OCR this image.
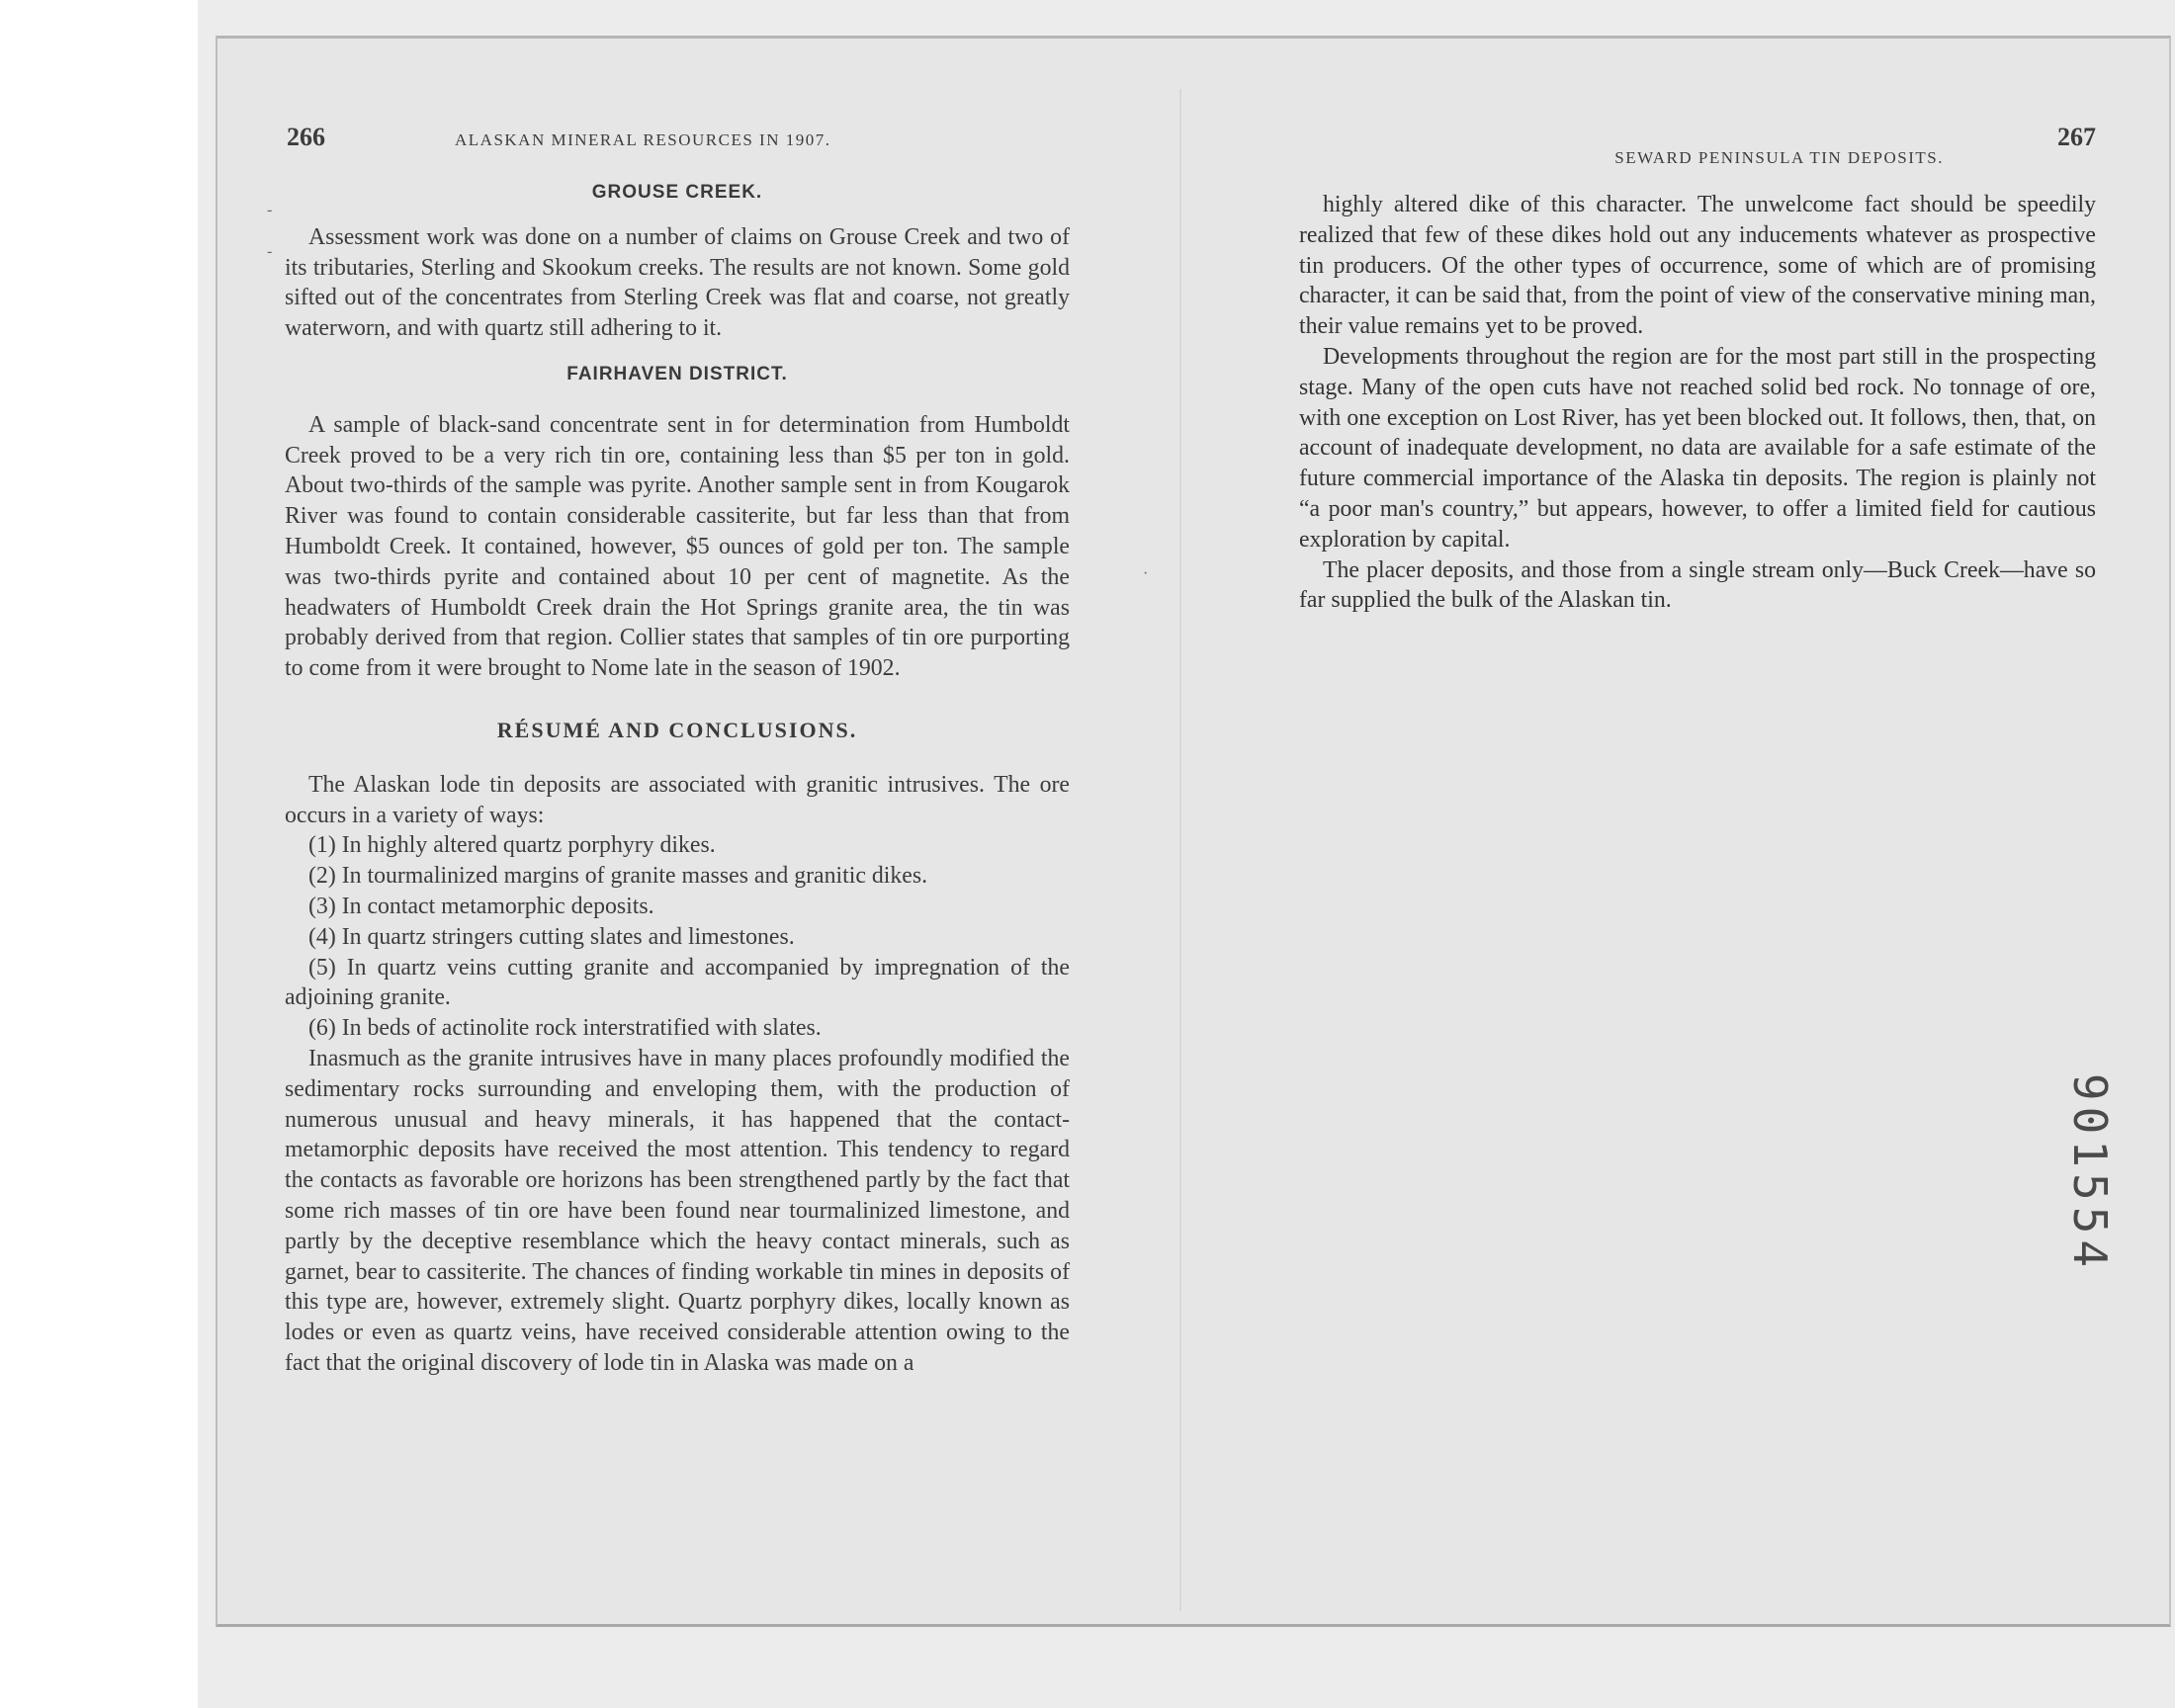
266	ALASKAN MINERAL RESOURCES IN 1907.
GROUSE CREEK.

Assessment work was done on a number of claims on Grouse Creek and two of its tributaries, Sterling and Skookum creeks. The results are not known. Some gold sifted out of the concentrates from Sterling Creek was flat and coarse, not greatly waterworn, and with quartz still adhering to it.

FAIRHAVEN DISTRICT.

A sample of black-sand concentrate sent in for determination from Humboldt Creek proved to be a very rich tin ore, containing less than $5 per ton in gold. About two-thirds of the sample was pyrite. Another sample sent in from Kougarok River was found to contain considerable cassiterite, but far less than that from Humboldt Creek. It contained, however, $5 ounces of gold per ton. The sample was two-thirds pyrite and contained about 10 per cent of magnetite. As the headwaters of Humboldt Creek drain the Hot Springs granite area, the tin was probably derived from that region. Collier states that samples of tin ore purporting to come from it were brought to Nome late in the season of 1902.

RÉSUMÉ AND CONCLUSIONS.

The Alaskan lode tin deposits are associated with granitic intrusives. The ore occurs in a variety of ways:

(1) In highly altered quartz porphyry dikes.

(2) In tourmalinized margins of granite masses and granitic dikes.

(3) In contact metamorphic deposits.

(4) In quartz stringers cutting slates and limestones.

(5) In quartz veins cutting granite and accompanied by impregnation of the adjoining granite.

(6) In beds of actinolite rock interstratified with slates.

Inasmuch as the granite intrusives have in many places profoundly modified the sedimentary rocks surrounding and enveloping them, with the production of numerous unusual and heavy minerals, it has happened that the contact-metamorphic deposits have received the most attention. This tendency to regard the contacts as favorable ore horizons has been strengthened partly by the fact that some rich masses of tin ore have been found near tourmalinized limestone, and partly by the deceptive resemblance which the heavy contact minerals, such as garnet, bear to cassiterite. The chances of finding workable tin mines in deposits of this type are, however, extremely slight. Quartz porphyry dikes, locally known as lodes or even as quartz veins, have received considerable attention owing to the fact that the original discovery of lode tin in Alaska was made on a

SEWARD PENINSULA TIN DEPOSITS.
267

highly altered dike of this character. The unwelcome fact should be speedily realized that few of these dikes hold out any inducements whatever as prospective tin producers. Of the other types of occurrence, some of which are of promising character, it can be said that, from the point of view of the conservative mining man, their value remains yet to be proved.

Developments throughout the region are for the most part still in the prospecting stage. Many of the open cuts have not reached solid bed rock. No tonnage of ore, with one exception on Lost River, has yet been blocked out. It follows, then, that, on account of inadequate development, no data are available for a safe estimate of the future commercial importance of the Alaska tin deposits. The region is plainly not “a poor man's country,” but appears, however, to offer a limited field for cautious exploration by capital.

The placer deposits, and those from a single stream only—Buck Creek—have so far supplied the bulk of the Alaskan tin.

901554
-
-
·
